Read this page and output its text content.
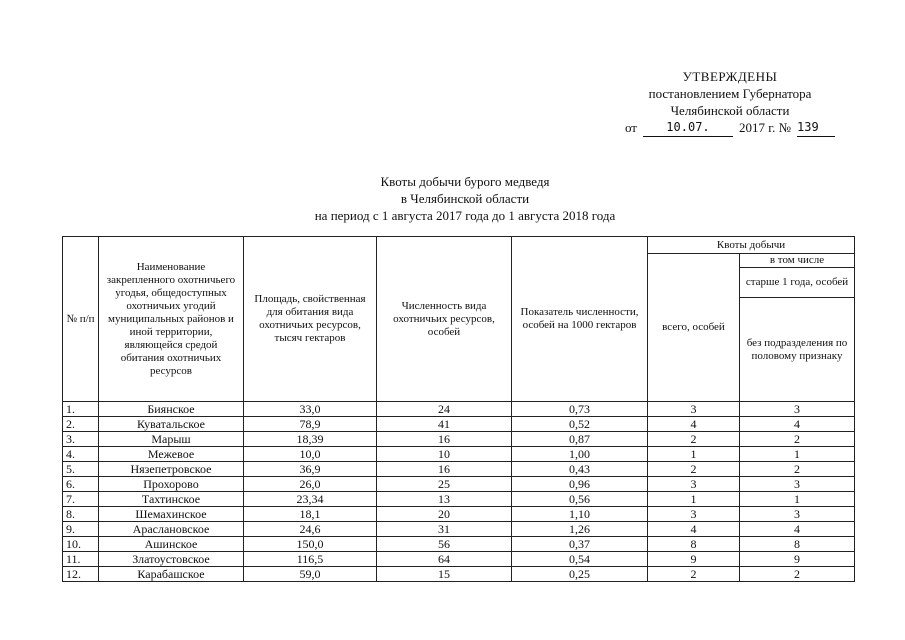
УТВЕРЖДЕНЫ
постановлением Губернатора
Челябинской области
от	10.07.	2017 г. № 139
Квоты добычи бурого медведя
в Челябинской области
на период с 1 августа 2017 года до 1 августа 2018 года
№ п/п	Наименование закрепленного охотничьего угодья, общедоступных охотничьих угодий муниципальных районов и иной территории, являющейся средой обитания охотничьих ресурсов	Площадь, свойственная для обитания вида охотничьих ресурсов, тысяч гектаров	Численность вида охотничьих ресурсов, особей	Показатель численности, особей на 1000 гектаров	Квоты добычи	
					всего, особей	в том числе
						старше 1 года, особей
						без подразделения по половому признаку
1.	Биянское	33,0	24	0,73	3	3
2.	Куватальское	78,9	41	0,52	4	4
3.	Марыш	18,39	16	0,87	2	2
4.	Межевое	10,0	10	1,00	1	1
5.	Нязепетровское	36,9	16	0,43	2	2
6.	Прохорово	26,0	25	0,96	3	3
7.	Тахтинское	23,34	13	0,56	1	1
8.	Шемахинское	18,1	20	1,10	3	3
9.	Араслановское	24,6	31	1,26	4	4
10.	Ашинское	150,0	56	0,37	8	8
11.	Златоустовское	116,5	64	0,54	9	9
12.	Карабашское	59,0	15	0,25	2	2
